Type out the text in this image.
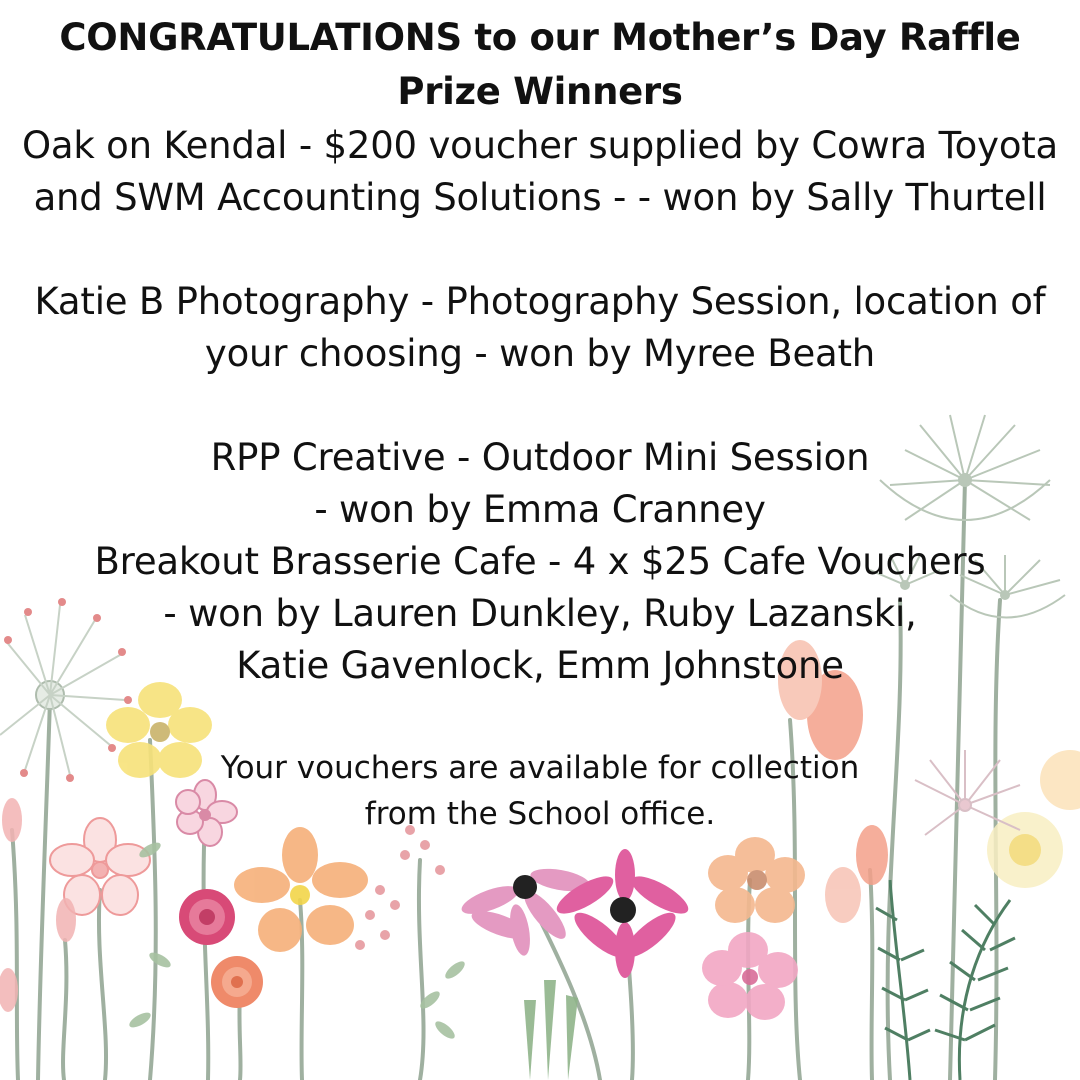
CONGRATULATIONS to our Mother’s Day Raffle
Prize Winners
Oak on Kendal - $200 voucher supplied by Cowra Toyota
and SWM Accounting Solutions - - won by Sally Thurtell
Katie B Photography - Photography Session, location of
your choosing - won by Myree Beath
RPP Creative - Outdoor Mini Session
- won by Emma Cranney
Breakout Brasserie Cafe - 4 x $25 Cafe Vouchers
- won by Lauren Dunkley, Ruby Lazanski,
Katie Gavenlock, Emm Johnstone
Your vouchers are available for collection
from the School office.
